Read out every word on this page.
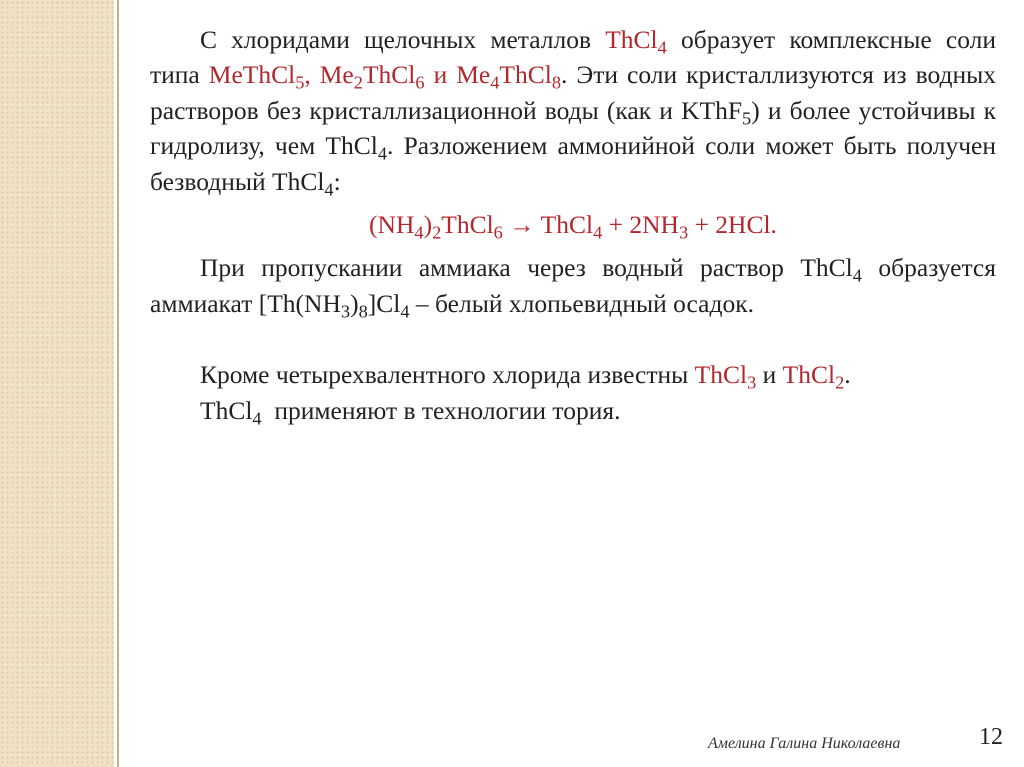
С хлоридами щелочных металлов ThCl$_4$ образует комплексные соли типа MeThCl$_5$, $Me_2ThCl_6$ и $Me_4ThCl_8$. Эти соли кристаллизуются из водных растворов без кристаллизационной воды (как и KThF$_5$) и более устойчивы к гидролизу, чем ThCl$_4$. Разложением аммонийной соли может быть получен безводный ThCl$_4$:

$(NH_4)_2ThCl_6$ → ThCl$_4$ + $2NH_3 + 2HCl$.

При пропускании аммиака через водный раствор ThCl$_4$ образуется аммиакат $[Th(NH_3)_8]Cl_4$ – белый хлопьевидный осадок.

Кроме четырехвалентного хлорида известны ThCl$_3$ и ThCl$_2$.

ThCl$_4$  применяют в технологии тория.

Амелина Галина Николаевна	12
